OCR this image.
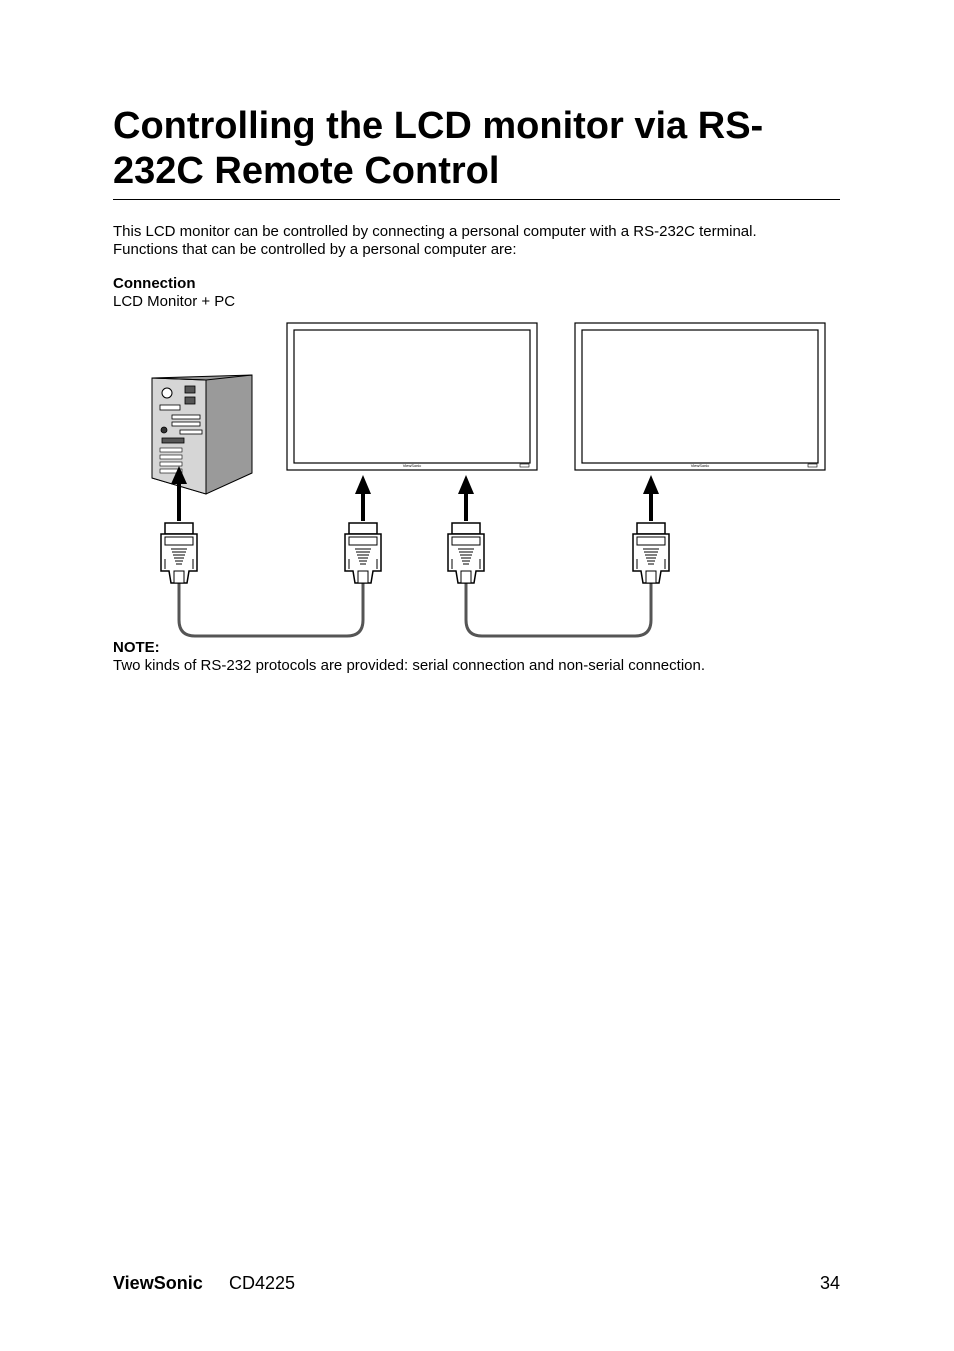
Controlling the LCD monitor via RS-232C Remote Control

This LCD monitor can be controlled by connecting a personal computer with a RS-232C terminal.

Functions that can be controlled by a personal computer are:

Connection
LCD Monitor + PC
ViewSonic	ViewSonic
NOTE:
Two kinds of RS-232 protocols are provided: serial connection and non-serial connection.
ViewSonic CD4225	34
